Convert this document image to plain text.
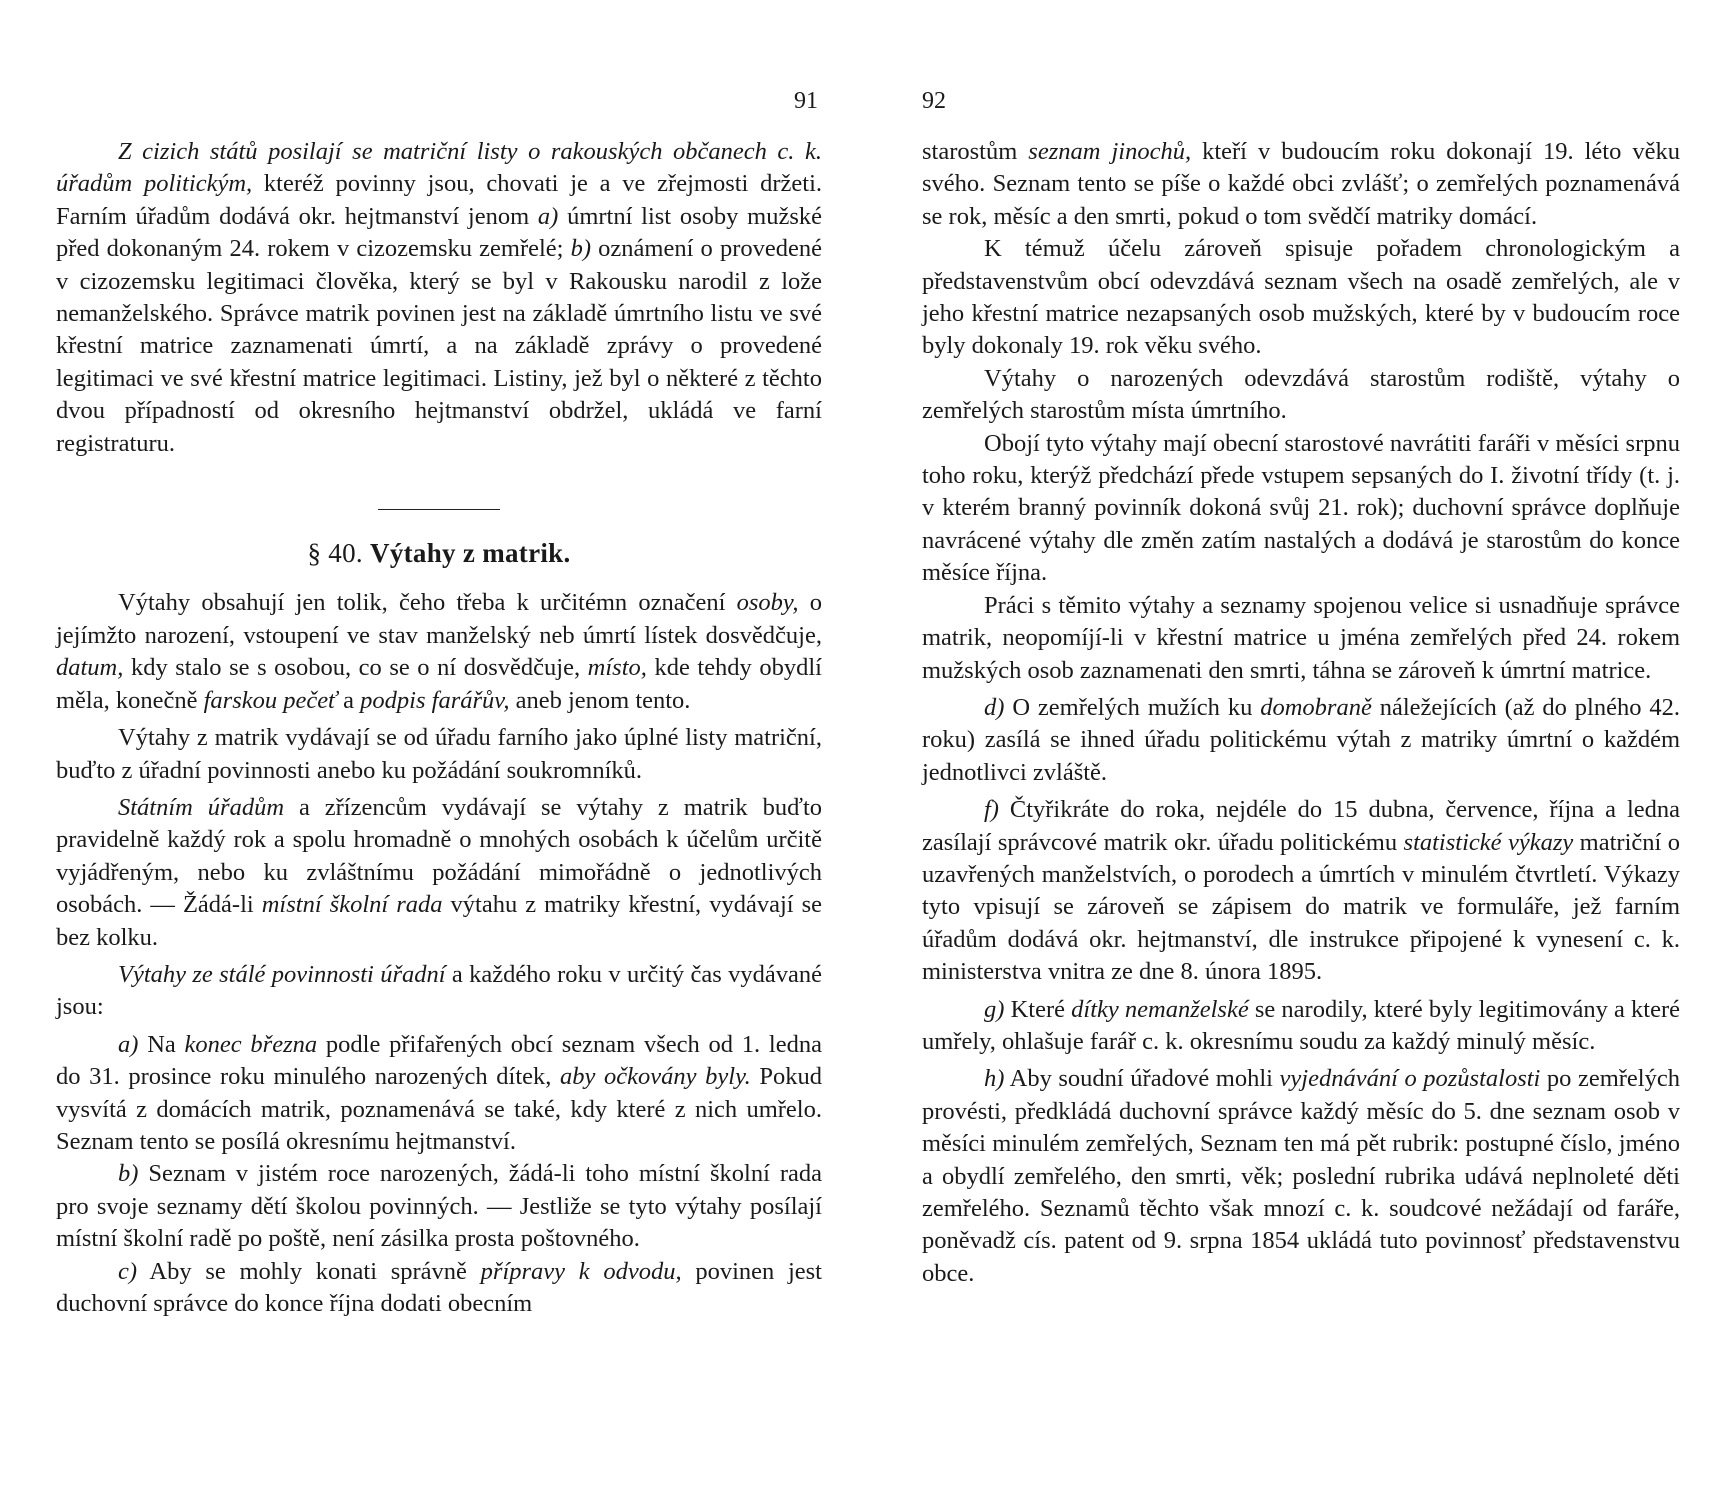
91

Z cizich států posilají se matriční listy o rakouských občanech c. k. úřadům politickým, kteréž povinny jsou, chovati je a ve zřejmosti držeti. Farním úřadům dodává okr. hejtmanství jenom a) úmrtní list osoby mužské před dokonaným 24. rokem v cizozemsku zemřelé; b) oznámení o provedené v cizozemsku legitimaci člověka, který se byl v Rakousku narodil z lože nemanželského. Správce matrik povinen jest na základě úmrtního listu ve své křestní matrice zaznamenati úmrtí, a na základě zprávy o provedené legitimaci ve své křestní matrice legitimaci. Listiny, jež byl o některé z těchto dvou případností od okresního hejtmanství obdržel, ukládá ve farní registraturu.

§ 40. Výtahy z matrik.

Výtahy obsahují jen tolik, čeho třeba k určitémn označení osoby, o jejímžto narození, vstoupení ve stav manželský neb úmrtí lístek dosvědčuje, datum, kdy stalo se s osobou, co se o ní dosvědčuje, místo, kde tehdy obydlí měla, konečně farskou pečeť a podpis farářův, aneb jenom tento.

Výtahy z matrik vydávají se od úřadu farního jako úplné listy matriční, buďto z úřadní povinnosti anebo ku požádání soukromníků.

Státním úřadům a zřízencům vydávají se výtahy z matrik buďto pravidelně každý rok a spolu hromadně o mnohých osobách k účelům určitě vyjádřeným, nebo ku zvláštnímu požádání mimořádně o jednotlivých osobách. — Žádá-li místní školní rada výtahu z matriky křestní, vydávají se bez kolku.

Výtahy ze stálé povinnosti úřadní a každého roku v určitý čas vydávané jsou:

a) Na konec března podle přifařených obcí seznam všech od 1. ledna do 31. prosince roku minulého narozených dítek, aby očkovány byly. Pokud vysvítá z domácích matrik, poznamenává se také, kdy které z nich umřelo. Seznam tento se posílá okresnímu hejtmanství.

b) Seznam v jistém roce narozených, žádá-li toho místní školní rada pro svoje seznamy dětí školou povinných. — Jestliže se tyto výtahy posílají místní školní radě po poště, není zásilka prosta poštovného.

c) Aby se mohly konati správně přípravy k odvodu, povinen jest duchovní správce do konce října dodati obecním

92

starostům seznam jinochů, kteří v budoucím roku dokonají 19. léto věku svého. Seznam tento se píše o každé obci zvlášť; o zemřelých poznamenává se rok, měsíc a den smrti, pokud o tom svědčí matriky domácí.

K témuž účelu zároveň spisuje pořadem chronologickým a představenstvům obcí odevzdává seznam všech na osadě zemřelých, ale v jeho křestní matrice nezapsaných osob mužských, které by v budoucím roce byly dokonaly 19. rok věku svého.

Výtahy o narozených odevzdává starostům rodiště, výtahy o zemřelých starostům místa úmrtního.

Obojí tyto výtahy mají obecní starostové navrátiti faráři v měsíci srpnu toho roku, kterýž předchází přede vstupem sepsaných do I. životní třídy (t. j. v kterém branný povinník dokoná svůj 21. rok); duchovní správce doplňuje navrácené výtahy dle změn zatím nastalých a dodává je starostům do konce měsíce října.

Práci s těmito výtahy a seznamy spojenou velice si usnadňuje správce matrik, neopomíjí-li v křestní matrice u jména zemřelých před 24. rokem mužských osob zaznamenati den smrti, táhna se zároveň k úmrtní matrice.

d) O zemřelých mužích ku domobraně náležejících (až do plného 42. roku) zasílá se ihned úřadu politickému výtah z matriky úmrtní o každém jednotlivci zvláště.

f) Čtyřikráte do roka, nejdéle do 15 dubna, července, října a ledna zasílají správcové matrik okr. úřadu politickému statistické výkazy matriční o uzavřených manželstvích, o porodech a úmrtích v minulém čtvrtletí. Výkazy tyto vpisují se zároveň se zápisem do matrik ve formuláře, jež farním úřadům dodává okr. hejtmanství, dle instrukce připojené k vynesení c. k. ministerstva vnitra ze dne 8. února 1895.

g) Které dítky nemanželské se narodily, které byly legitimovány a které umřely, ohlašuje farář c. k. okresnímu soudu za každý minulý měsíc.

h) Aby soudní úřadové mohli vyjednávání o pozůstalosti po zemřelých provésti, předkládá duchovní správce každý měsíc do 5. dne seznam osob v měsíci minulém zemřelých, Seznam ten má pět rubrik: postupné číslo, jméno a obydlí zemřelého, den smrti, věk; poslední rubrika udává neplnoleté děti zemřelého. Seznamů těchto však mnozí c. k. soudcové nežádají od faráře, poněvadž cís. patent od 9. srpna 1854 ukládá tuto povinnosť představenstvu obce.
